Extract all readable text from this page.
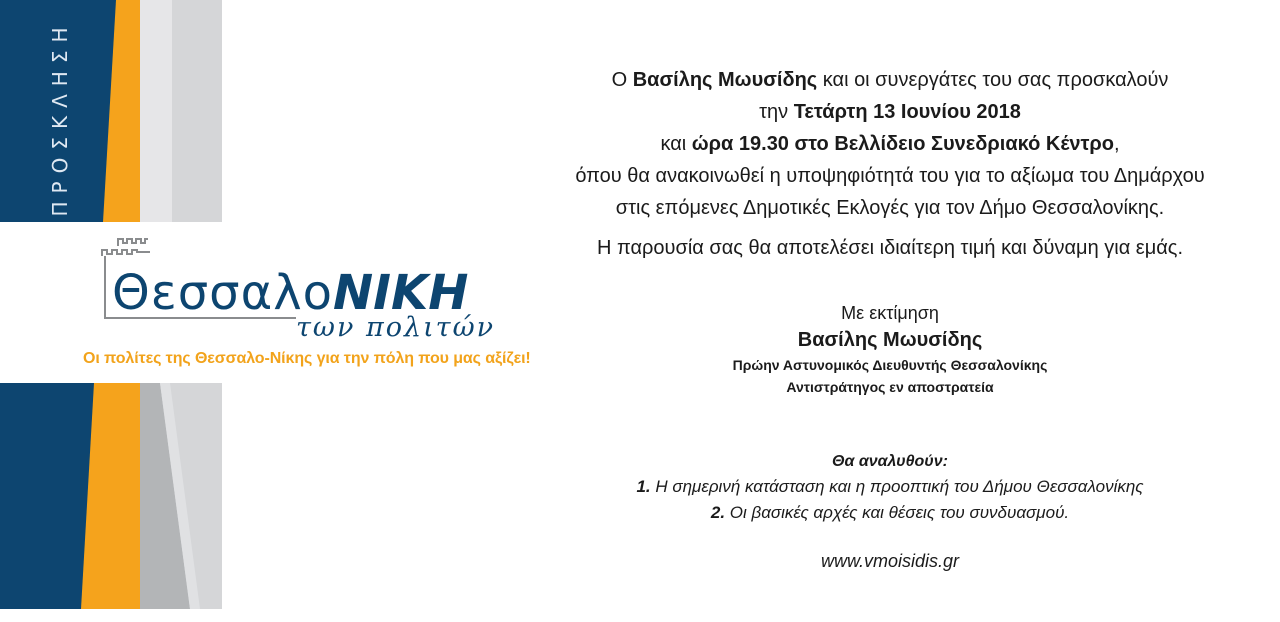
ΠΡΟΣΚΛΗΣΗ
ΘεσσαλοΝΙΚΗ
των πολιτών
Οι πολίτες της Θεσσαλο-Νίκης για την πόλη που μας αξίζει!
Ο Βασίλης Μωυσίδης και οι συνεργάτες του σας προσκαλούν
την Τετάρτη 13 Ιουνίου 2018
και ώρα 19.30 στο Βελλίδειο Συνεδριακό Κέντρο,
όπου θα ανακοινωθεί η υποψηφιότητά του για το αξίωμα του Δημάρχου
στις επόμενες Δημοτικές Εκλογές για τον Δήμο Θεσσαλονίκης.
Η παρουσία σας θα αποτελέσει ιδιαίτερη τιμή και δύναμη για εμάς.
Με εκτίμηση
Βασίλης Μωυσίδης
Πρώην Αστυνομικός Διευθυντής Θεσσαλονίκης
Αντιστράτηγος εν αποστρατεία
Θα αναλυθούν:
1. Η σημερινή κατάσταση και η προοπτική του Δήμου Θεσσαλονίκης
2. Οι βασικές αρχές και θέσεις του συνδυασμού.
www.vmoisidis.gr
